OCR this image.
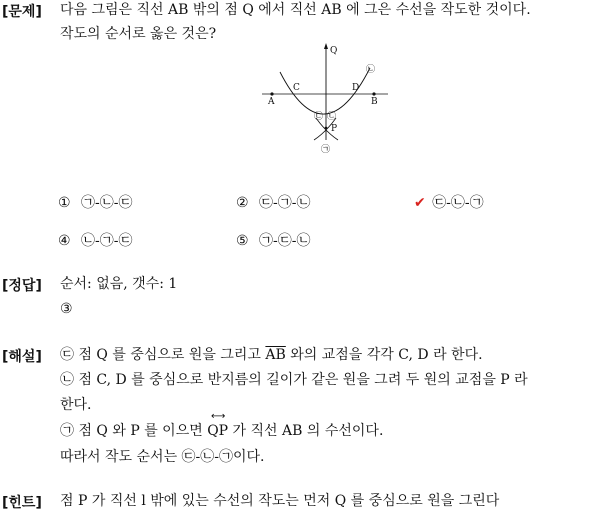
[문제] 다음 그림은 직선 AB 밖의 점 Q 에서 직선 AB 에 그은 수선을 작도한 것이다.
작도의 순서로 옳은 것은?
Q
A	B
C	D
P
㉡
㉢
㉠
㉡
① ㉠-㉡-㉢	② ㉢-㉠-㉡	✔ ㉢-㉡-㉠
④ ㉡-㉠-㉢	⑤ ㉠-㉢-㉡
[정답] 순서: 없음, 갯수: 1
③
[해설] ㉢ 점 Q 를 중심으로 원을 그리고 $\overline{AB}$ 와의 교점을 각각 C, D 라 한다.
㉡ 점 C, D 를 중심으로 반지름의 길이가 같은 원을 그려 두 원의 교점을 P 라
한다.
㉠ 점 Q 와 P 를 이으면
⟷
QP 가 직선 AB 의 수선이다.
따라서 작도 순서는 ㉢-㉡-㉠이다.
[힌트] 점 P 가 직선 l 밖에 있는 수선의 작도는 먼저 Q 를 중심으로 원을 그린다
